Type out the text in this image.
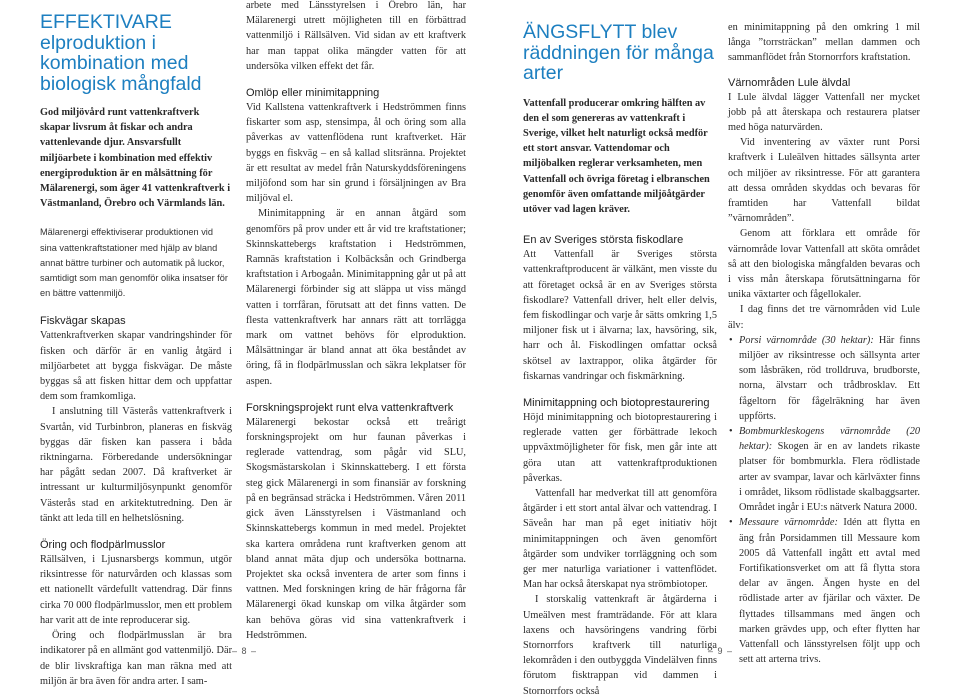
EFFEKTIVARE elproduktion i kombination med biologisk mångfald

God miljövård runt vattenkraftverk skapar livsrum åt fiskar och andra vattenlevande djur. Ansvarsfullt miljöarbete i kombination med effektiv energiproduktion är en målsättning för Mälarenergi, som äger 41 vattenkraftverk i Västmanland, Örebro och Värmlands län.

Mälarenergi effektiviserar produktionen vid sina vattenkraftstationer med hjälp av bland annat bättre turbiner och automatik på luckor, samtidigt som man genomför olika insatser för en bättre vattenmiljö.

Fiskvägar skapas

Vattenkraftverken skapar vandringshinder för fisken och därför är en vanlig åtgärd i miljöarbetet att bygga fiskvägar. De måste byggas så att fisken hittar dem och uppfattar dem som framkomliga.

I anslutning till Västerås vattenkraftverk i Svartån, vid Turbinbron, planeras en fiskväg byggas där fisken kan passera i båda riktningarna. Förberedande undersökningar har pågått sedan 2007. Då kraftverket är intressant ur kulturmiljösynpunkt genomför Västerås stad en arkitektutredning. Den är tänkt att leda till en helhetslösning.

Öring och flodpärlmusslor

Rällsälven, i Ljusnarsbergs kommun, utgör riksintresse för naturvården och klassas som ett nationellt värdefullt vattendrag. Där finns cirka 70 000 flodpärlmusslor, men ett problem har varit att de inte reproducerar sig.

Öring och flodpärlmusslan är bra indikatorer på en allmänt god vattenmiljö. Där de blir livskraftiga kan man räkna med att miljön är bra även för andra arter. I sam-

arbete med Länsstyrelsen i Örebro län, har Mälarenergi utrett möjligheten till en förbättrad vattenmiljö i Rällsälven. Vid sidan av ett kraftverk har man tappat olika mängder vatten för att undersöka vilken effekt det får.

Omlöp eller minimitappning

Vid Kallstena vattenkraftverk i Hedströmmen finns fiskarter som asp, stensimpa, ål och öring som alla påverkas av vattenflödena runt kraftverket. Här byggs en fiskväg – en så kallad slitsränna. Projektet är ett resultat av medel från Naturskyddsföreningens miljöfond som har sin grund i försäljningen av Bra miljöval el.

Minimitappning är en annan åtgärd som genomförs på prov under ett år vid tre kraftstationer; Skinnskattebergs kraftstation i Hedströmmen, Ramnäs kraftstation i Kolbäcksån och Grindberga kraftstation i Arbogaån. Minimitappning går ut på att Mälarenergi förbinder sig att släppa ut viss mängd vatten i torrfåran, förutsatt att det finns vatten. De flesta vattenkraftverk har annars rätt att torrlägga mark om vattnet behövs för elproduktion. Målsättningar är bland annat att öka beståndet av öring, få in flodpärlmusslan och säkra lekplatser för aspen.

Forskningsprojekt runt elva vattenkraftverk

Mälarenergi bekostar också ett treårigt forskningsprojekt om hur faunan påverkas i reglerade vattendrag, som pågår vid SLU, Skogsmästarskolan i Skinnskatteberg. I ett första steg gick Mälarenergi in som finansiär av forskning på en begränsad sträcka i Hedströmmen. Våren 2011 gick även Länsstyrelsen i Västmanland och Skinnskattebergs kommun in med medel. Projektet ska kartera områdena runt kraftverken genom att bland annat mäta djup och undersöka bottnarna. Projektet ska också inventera de arter som finns i vattnen. Med forskningen kring de här frågorna får Mälarenergi ökad kunskap om vilka åtgärder som kan behöva göras vid sina vattenkraftverk i Hedströmmen.

– 8 –
ÄNGSFLYTT blev räddningen för många arter

Vattenfall producerar omkring hälften av den el som genereras av vattenkraft i Sverige, vilket helt naturligt också medför ett stort ansvar. Vattendomar och miljöbalken reglerar verksamheten, men Vattenfall och övriga företag i elbranschen genomför även omfattande miljöåtgärder utöver vad lagen kräver.

En av Sveriges största fiskodlare

Att Vattenfall är Sveriges största vattenkraftproducent är välkänt, men visste du att företaget också är en av Sveriges största fiskodlare? Vattenfall driver, helt eller delvis, fem fiskodlingar och varje år sätts omkring 1,5 miljoner fisk ut i älvarna; lax, havsöring, sik, harr och ål. Fiskodlingen omfattar också skötsel av laxtrappor, olika åtgärder för fiskarnas vandringar och fiskmärkning.

Minimitappning och biotoprestaurering

Höjd minimitappning och biotoprestaurering i reglerade vatten ger förbättrade lekoch uppväxtmöjligheter för fisk, men går inte att göra utan att vattenkraftproduktionen påverkas.

Vattenfall har medverkat till att genomföra åtgärder i ett stort antal älvar och vattendrag. I Säveån har man på eget initiativ höjt minimitappningen och även genomfört åtgärder som undviker torrläggning och som ger mer naturliga variationer i vattenflödet. Man har också återskapat nya strömbiotoper.

I storskalig vattenkraft är åtgärderna i Umeälven mest framträdande. För att klara laxens och havsöringens vandring förbi Stornorrfors kraftverk till naturliga lekområden i den outbyggda Vindelälven finns förutom fisktrappan vid dammen i Stornorrfors också

en minimitappning på den omkring 1 mil långa ”torrsträckan” mellan dammen och sammanflödet från Stornorrfors kraftstation.

Värnområden Lule älvdal

I Lule älvdal lägger Vattenfall ner mycket jobb på att återskapa och restaurera platser med höga naturvärden.

Vid inventering av växter runt Porsi kraftverk i Luleälven hittades sällsynta arter och miljöer av riksintresse. För att garantera att dessa områden skyddas och bevaras för framtiden har Vattenfall bildat ”värnområden”.

Genom att förklara ett område för värnområde lovar Vattenfall att sköta området så att den biologiska mångfalden bevaras och i viss mån återskapa förutsättningarna för unika växtarter och fågellokaler.

I dag finns det tre värnområden vid Lule älv:

• Porsi värnområde (30 hektar): Här finns miljöer av riksintresse och sällsynta arter som låsbräken, röd trolldruva, brudborste, norna, älvstarr och trådbrosklav. Ett fågeltorn för fågelräkning har även uppförts.
• Bombmurkleskogens värnområde (20 hektar): Skogen är en av landets rikaste platser för bombmurkla. Flera rödlistade arter av svampar, lavar och kärlväxter finns i området, liksom rödlistade skalbaggsarter. Området ingår i EU:s nätverk Natura 2000.
• Messaure värnområde: Idén att flytta en äng från Porsidammen till Messaure kom 2005 då Vattenfall ingått ett avtal med Fortifikationsverket om att få flytta stora delar av ängen. Ängen hyste en del rödlistade arter av fjärilar och växter. De flyttades tillsammans med ängen och marken grävdes upp, och efter flytten har Vattenfall och länsstyrelsen följt upp och sett att arterna trivs.
– 9 –
